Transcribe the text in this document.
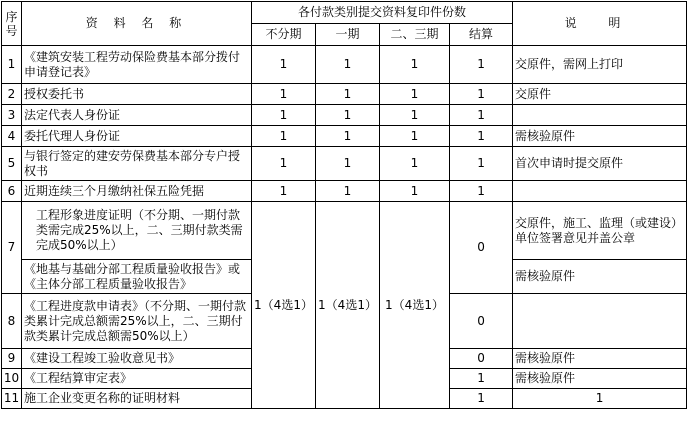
序号	资 料 名 称	各付款类别提交资料复印件份数				说 明	
		不分期	一期	二、三期	结算		
1	《建筑安装工程劳动保险费基本部分拨付申请登记表》	1	1	1	1	交原件，需网上打印	
2	授权委托书	1	1	1	1	交原件	
3	法定代表人身份证	1	1	1	1		
4	委托代理人身份证	1	1	1	1	需核验原件	
5	与银行签定的建安劳保费基本部分专户授权书	1	1	1	1	首次申请时提交原件	
6	近期连续三个月缴纳社保五险凭据	1	1	1	1		
7	工程形象进度证明（不分期、一期付款类需完成25%以上，二、三期付款类需完成50%以上）	1（4选1）	1（4选1）	1（4选1）	0	交原件，施工、监理（或建设）单位签署意见并盖公章	
	《地基与基础分部工程质量验收报告》或《主体分部工程质量验收报告》					需核验原件	
8	《工程进度款申请表》（不分期、一期付款类累计完成总额需25%以上，二、三期付款类累计完成总额需50%以上）				0		
9	《建设工程竣工验收意见书》				0	需核验原件	
10	《工程结算审定表》				1	需核验原件	
11	施工企业变更名称的证明材料				1	1			
